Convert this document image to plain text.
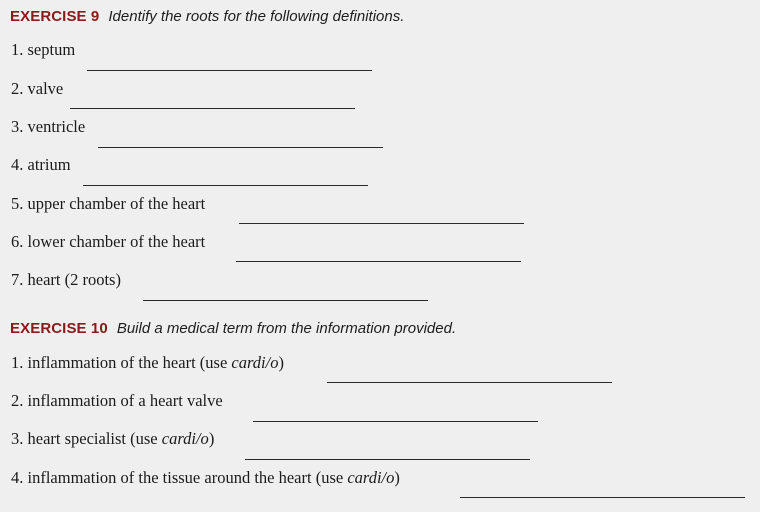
EXERCISE 9 Identify the roots for the following definitions.
1. septum
2. valve
3. ventricle
4. atrium
5. upper chamber of the heart
6. lower chamber of the heart
7. heart (2 roots)
EXERCISE 10 Build a medical term from the information provided.
1. inflammation of the heart (use cardi/o)
2. inflammation of a heart valve
3. heart specialist (use cardi/o)
4. inflammation of the tissue around the heart (use cardi/o)
